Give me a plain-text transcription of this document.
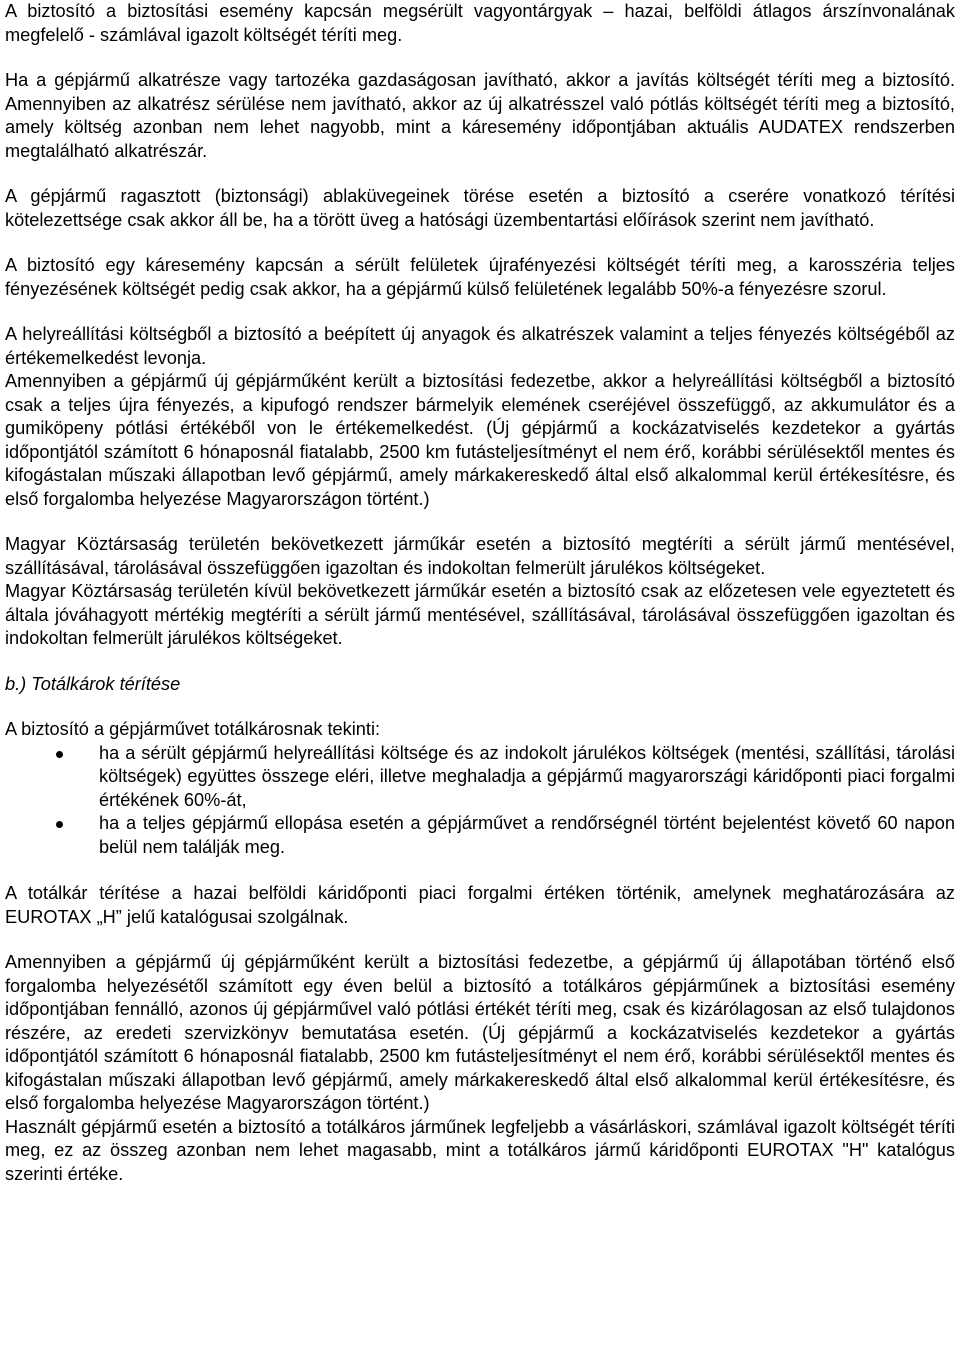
A biztosító a biztosítási esemény kapcsán megsérült vagyontárgyak – hazai, belföldi átlagos árszínvonalának megfelelő - számlával igazolt költségét téríti meg.

Ha a gépjármű alkatrésze vagy tartozéka gazdaságosan javítható, akkor a javítás költségét téríti meg a biztosító. Amennyiben az alkatrész sérülése nem javítható, akkor az új alkatrésszel való pótlás költségét téríti meg a biztosító, amely költség azonban nem lehet nagyobb, mint a káresemény időpontjában aktuális AUDATEX rendszerben megtalálható alkatrészár.

A gépjármű ragasztott (biztonsági) ablaküvegeinek törése esetén a biztosító a cserére vonatkozó térítési kötelezettsége csak akkor áll be, ha a törött üveg a hatósági üzembentartási előírások szerint nem javítható.

A biztosító egy káresemény kapcsán a sérült felületek újrafényezési költségét téríti meg, a karosszéria teljes fényezésének költségét pedig csak akkor, ha a gépjármű külső felületének legalább 50%-a fényezésre szorul.

A helyreállítási költségből a biztosító a beépített új anyagok és alkatrészek valamint a teljes fényezés költségéből az értékemelkedést levonja.

Amennyiben a gépjármű új gépjárműként került a biztosítási fedezetbe, akkor a helyreállítási költségből a biztosító csak a teljes újra fényezés, a kipufogó rendszer bármelyik elemének cseréjével összefüggő, az akkumulátor és a gumiköpeny pótlási értékéből von le értékemelkedést. (Új gépjármű a kockázatviselés kezdetekor a gyártás időpontjától számított 6 hónaposnál fiatalabb, 2500 km futásteljesítményt el nem érő, korábbi sérülésektől mentes és kifogástalan műszaki állapotban levő gépjármű, amely márkakereskedő által első alkalommal kerül értékesítésre, és első forgalomba helyezése Magyarországon történt.)

Magyar Köztársaság területén bekövetkezett járműkár esetén a biztosító megtéríti a sérült jármű mentésével, szállításával, tárolásával összefüggően igazoltan és indokoltan felmerült járulékos költségeket.

Magyar Köztársaság területén kívül bekövetkezett járműkár esetén a biztosító csak az előzetesen vele egyeztetett és általa jóváhagyott mértékig megtéríti a sérült jármű mentésével, szállításával, tárolásával összefüggően igazoltan és indokoltan felmerült járulékos költségeket.

b.) Totálkárok térítése

A biztosító a gépjárművet totálkárosnak tekinti:

ha a sérült gépjármű helyreállítási költsége és az indokolt járulékos költségek (mentési, szállítási, tárolási költségek) együttes összege eléri, illetve meghaladja a gépjármű magyarországi káridőponti piaci forgalmi értékének 60%-át,
ha a teljes gépjármű ellopása esetén a gépjárművet a rendőrségnél történt bejelentést követő 60 napon belül nem találják meg.

A totálkár térítése a hazai belföldi káridőponti piaci forgalmi értéken történik, amelynek meghatározására az EUROTAX „H” jelű katalógusai szolgálnak.

Amennyiben a gépjármű új gépjárműként került a biztosítási fedezetbe, a gépjármű új állapotában történő első forgalomba helyezésétől számított egy éven belül a biztosító a totálkáros gépjárműnek a biztosítási esemény időpontjában fennálló, azonos új gépjárművel való pótlási értékét téríti meg, csak és kizárólagosan az első tulajdonos részére, az eredeti szervizkönyv bemutatása esetén. (Új gépjármű a kockázatviselés kezdetekor a gyártás időpontjától számított 6 hónaposnál fiatalabb, 2500 km futásteljesítményt el nem érő, korábbi sérülésektől mentes és kifogástalan műszaki állapotban levő gépjármű, amely márkakereskedő által első alkalommal kerül értékesítésre, és első forgalomba helyezése Magyarországon történt.)

Használt gépjármű esetén a biztosító a totálkáros járműnek legfeljebb a vásárláskori, számlával igazolt költségét téríti meg, ez az összeg azonban nem lehet magasabb, mint a totálkáros jármű káridőponti EUROTAX "H" katalógus szerinti értéke.
